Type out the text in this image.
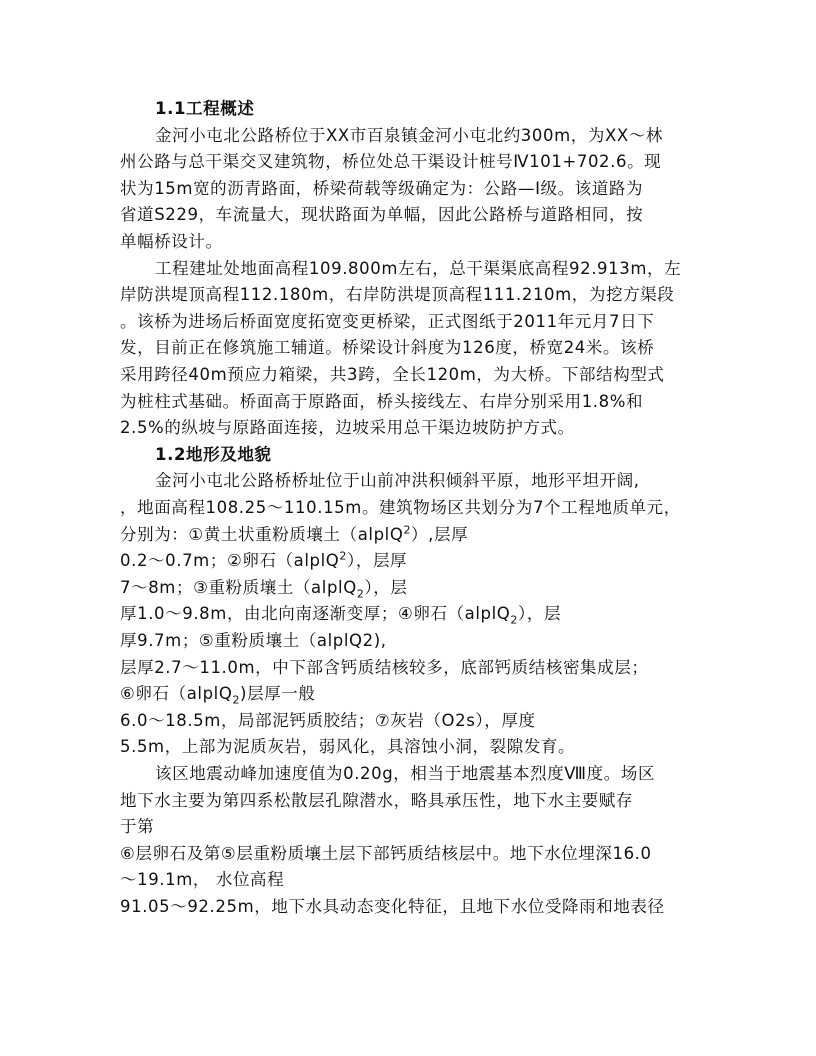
1.1工程概述
金河小屯北公路桥位于XX市百泉镇金河小屯北约300m，为XX～林
州公路与总干渠交叉建筑物，桥位处总干渠设计桩号Ⅳ101+702.6。现
状为15m宽的沥青路面，桥梁荷载等级确定为：公路—Ⅰ级。该道路为
省道S229，车流量大，现状路面为单幅，因此公路桥与道路相同，按
单幅桥设计。
工程建址处地面高程109.800m左右，总干渠渠底高程92.913m，左
岸防洪堤顶高程112.180m，右岸防洪堤顶高程111.210m，为挖方渠段
。该桥为进场后桥面宽度拓宽变更桥梁，正式图纸于2011年元月7日下
发，目前正在修筑施工辅道。桥梁设计斜度为126度，桥宽24米。该桥
采用跨径40m预应力箱梁，共3跨，全长120m，为大桥。下部结构型式
为桩柱式基础。桥面高于原路面，桥头接线左、右岸分别采用1.8%和
2.5%的纵坡与原路面连接，边坡采用总干渠边坡防护方式。
1.2地形及地貌
金河小屯北公路桥桥址位于山前冲洪积倾斜平原，地形平坦开阔,
，地面高程108.25～110.15m。建筑物场区共划分为7个工程地质单元，
分别为：①黄土状重粉质壤土（alplQ$^2$）,层厚
0.2～0.7m；②卵石（alplQ$^2$），层厚
7～8m；③重粉质壤土（alplQ$_2$），层
厚1.0～9.8m，由北向南逐渐变厚；④卵石（alplQ$_2$），层
厚9.7m；⑤重粉质壤土（alplQ2),
层厚2.7～11.0m，中下部含钙质结核较多，底部钙质结核密集成层；
⑥卵石（alplQ$_2$)层厚一般
6.0～18.5m，局部泥钙质胶结；⑦灰岩（O2s），厚度
5.5m，上部为泥质灰岩，弱风化，具溶蚀小洞，裂隙发育。
该区地震动峰加速度值为0.20g，相当于地震基本烈度Ⅷ度。场区
地下水主要为第四系松散层孔隙潜水，略具承压性，地下水主要赋存
于第
⑥层卵石及第⑤层重粉质壤土层下部钙质结核层中。地下水位埋深16.0
～19.1m， 水位高程
91.05～92.25m，地下水具动态变化特征，且地下水位受降雨和地表径
